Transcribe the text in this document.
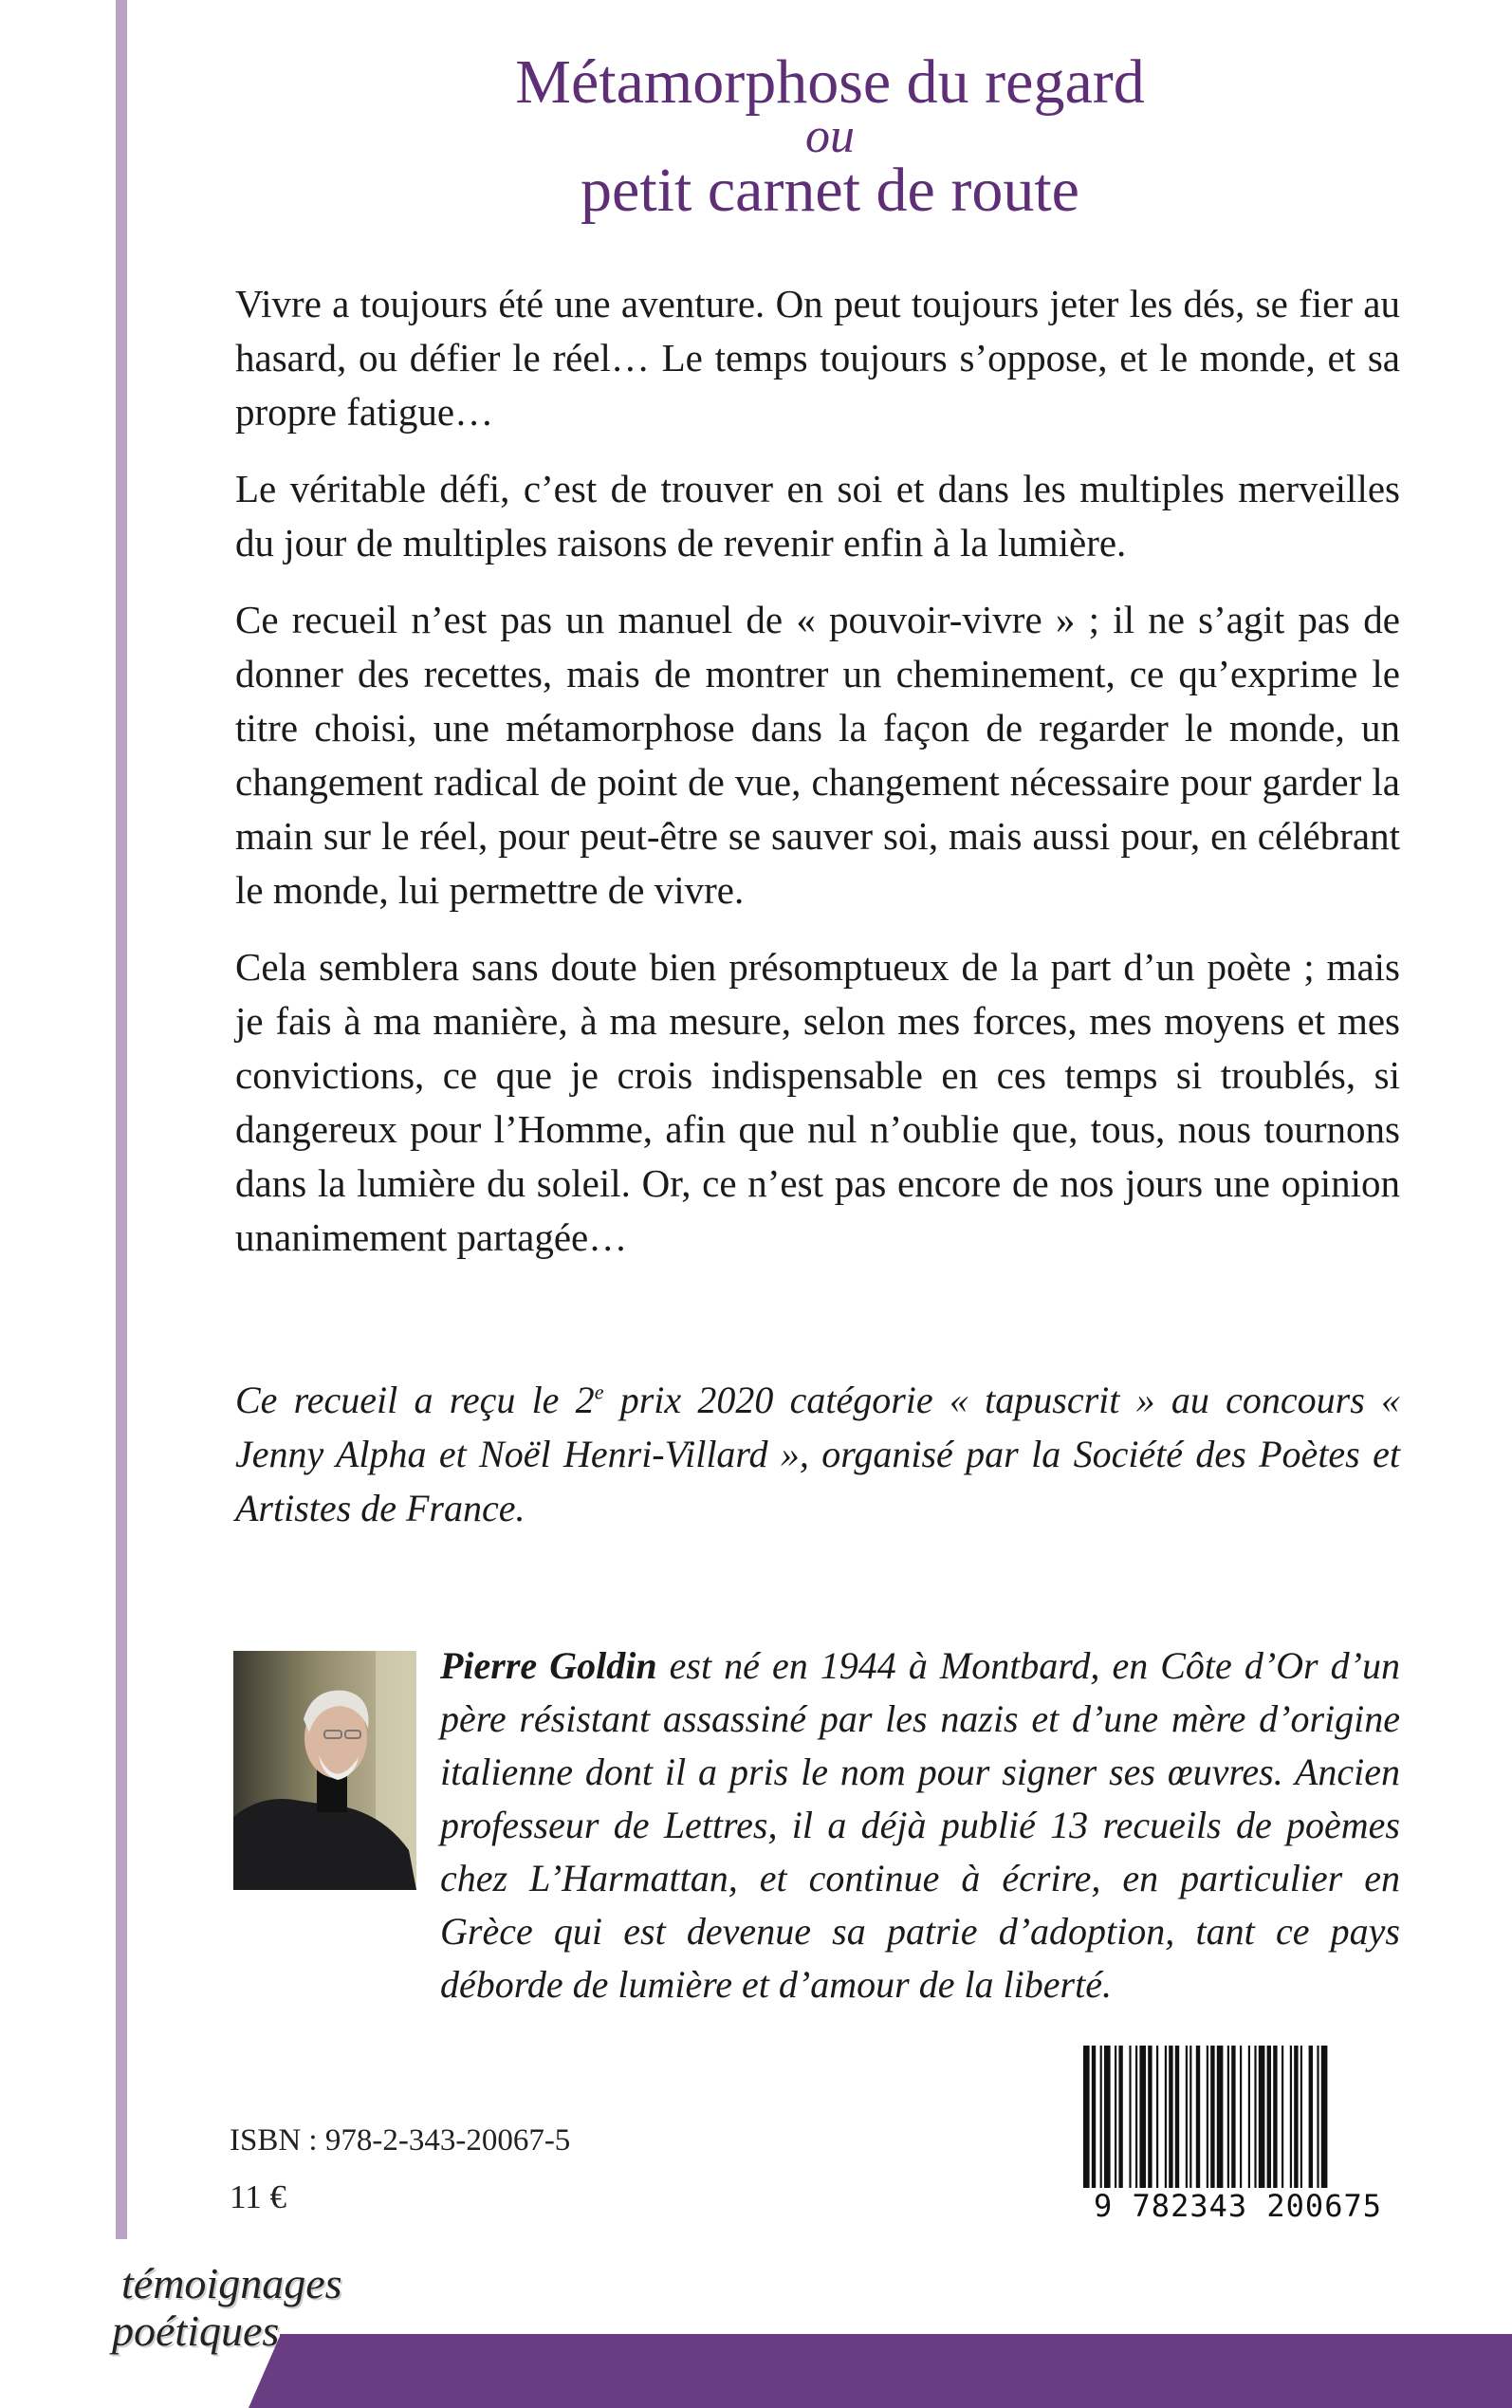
Métamorphose du regard
ou
petit carnet de route

Vivre a toujours été une aventure. On peut toujours jeter les dés, se fier au hasard, ou défier le réel… Le temps toujours s’oppose, et le monde, et sa propre fatigue…

Le véritable défi, c’est de trouver en soi et dans les multiples merveilles du jour de multiples raisons de revenir enfin à la lumière.

Ce recueil n’est pas un manuel de « pouvoir-vivre » ; il ne s’agit pas de donner des recettes, mais de montrer un cheminement, ce qu’exprime le titre choisi, une métamorphose dans la façon de regarder le monde, un changement radical de point de vue, changement nécessaire pour garder la main sur le réel, pour peut-être se sauver soi, mais aussi pour, en célébrant le monde, lui permettre de vivre.

Cela semblera sans doute bien présomptueux de la part d’un poète ; mais je fais à ma manière, à ma mesure, selon mes forces, mes moyens et mes convictions, ce que je crois indispensable en ces temps si troublés, si dangereux pour l’Homme, afin que nul n’oublie que, tous, nous tournons dans la lumière du soleil. Or, ce n’est pas encore de nos jours une opinion unanimement partagée…

Ce recueil a reçu le 2e prix 2020 catégorie « tapuscrit » au concours « Jenny Alpha et Noël Henri-Villard », organisé par la Société des Poètes et Artistes de France.
Pierre Goldin est né en 1944 à Montbard, en Côte d’Or d’un père résistant assassiné par les nazis et d’une mère d’origine italienne dont il a pris le nom pour signer ses œuvres. Ancien professeur de Lettres, il a déjà publié 13 recueils de poèmes chez L’Harmattan, et continue à écrire, en particulier en Grèce qui est devenue sa patrie d’adoption, tant ce pays déborde de lumière et d’amour de la liberté.
ISBN : 978-2-343-20067-5
11 €	9 782343 200675
témoignages
poétiques
